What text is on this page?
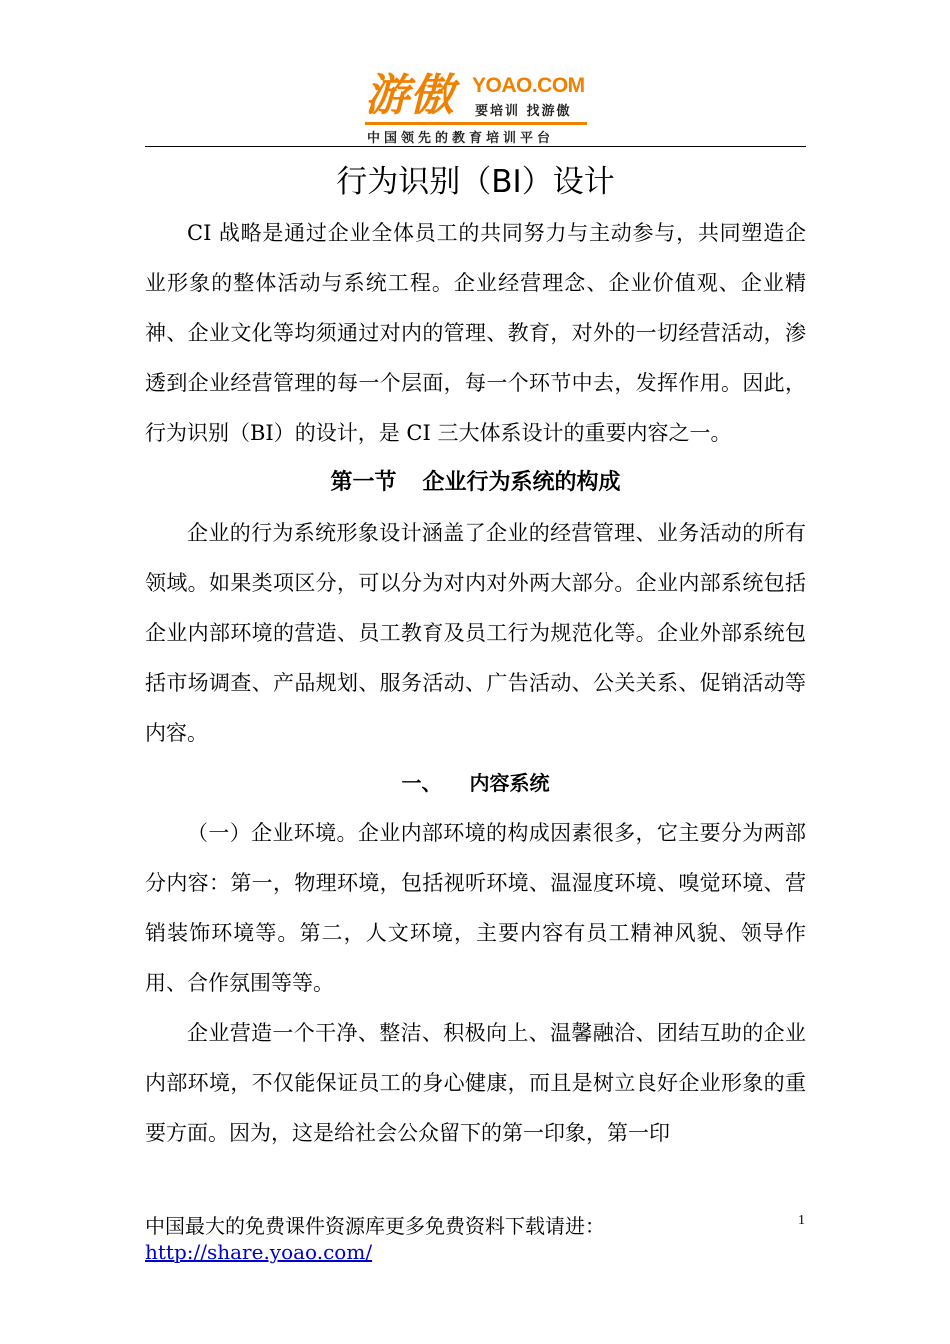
游傲 YOAO.COM
要培训 找游傲
中国领先的教育培训平台
行为识别（BI）设计

CI 战略是通过企业全体员工的共同努力与主动参与，共同塑造企业形象的整体活动与系统工程。企业经营理念、企业价值观、企业精神、企业文化等均须通过对内的管理、教育，对外的一切经营活动，渗透到企业经营管理的每一个层面，每一个环节中去，发挥作用。因此，行为识别（BI）的设计，是 CI 三大体系设计的重要内容之一。

第一节 企业行为系统的构成

企业的行为系统形象设计涵盖了企业的经营管理、业务活动的所有领域。如果类项区分，可以分为对内对外两大部分。企业内部系统包括企业内部环境的营造、员工教育及员工行为规范化等。企业外部系统包括市场调查、产品规划、服务活动、广告活动、公关关系、促销活动等内容。

一、 内容系统

（一）企业环境。企业内部环境的构成因素很多，它主要分为两部分内容：第一，物理环境，包括视听环境、温湿度环境、嗅觉环境、营销装饰环境等。第二，人文环境，主要内容有员工精神风貌、领导作用、合作氛围等等。

企业营造一个干净、整洁、积极向上、温馨融洽、团结互助的企业内部环境，不仅能保证员工的身心健康，而且是树立良好企业形象的重要方面。因为，这是给社会公众留下的第一印象，第一印

中国最大的免费课件资源库更多免费资料下载请进：http://share.yoao.com/
1
